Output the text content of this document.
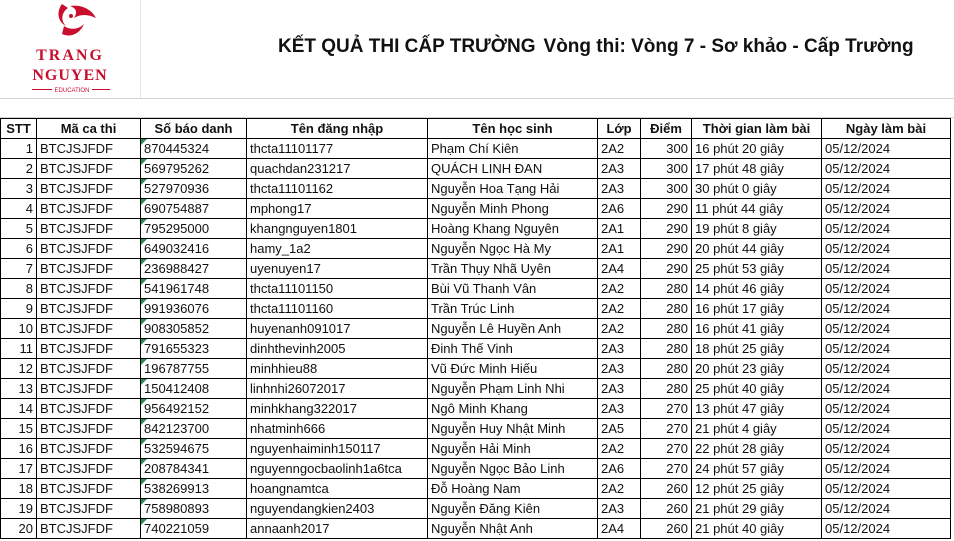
TRANG
NGUYEN
EDUCATION
KẾT QUẢ THI CẤP TRƯỜNG Vòng thi: Vòng 7 - Sơ khảo - Cấp Trường
STT	Mã ca thi	Số báo danh	Tên đăng nhập	Tên học sinh	Lớp	Điểm	Thời gian làm bài	Ngày làm bài
1	BTCJSJFDF	870445324	thcta11101177	Phạm Chí Kiên	2A2	300	16 phút 20 giây	05/12/2024
2	BTCJSJFDF	569795262	quachdan231217	QUÁCH LINH ĐAN	2A3	300	17 phút 48 giây	05/12/2024
3	BTCJSJFDF	527970936	thcta11101162	Nguyễn Hoa Tạng Hải	2A3	300	30 phút 0 giây	05/12/2024
4	BTCJSJFDF	690754887	mphong17	Nguyễn Minh Phong	2A6	290	11 phút 44 giây	05/12/2024
5	BTCJSJFDF	795295000	khangnguyen1801	Hoàng Khang Nguyên	2A1	290	19 phút 8 giây	05/12/2024
6	BTCJSJFDF	649032416	hamy_1a2	Nguyễn Ngọc Hà My	2A1	290	20 phút 44 giây	05/12/2024
7	BTCJSJFDF	236988427	uyenuyen17	Trần Thụy Nhã Uyên	2A4	290	25 phút 53 giây	05/12/2024
8	BTCJSJFDF	541961748	thcta11101150	Bùi Vũ Thanh Vân	2A2	280	14 phút 46 giây	05/12/2024
9	BTCJSJFDF	991936076	thcta11101160	Trần Trúc Linh	2A2	280	16 phút 17 giây	05/12/2024
10	BTCJSJFDF	908305852	huyenanh091017	Nguyễn Lê Huyền Anh	2A2	280	16 phút 41 giây	05/12/2024
11	BTCJSJFDF	791655323	dinhthevinh2005	Đinh Thế Vinh	2A3	280	18 phút 25 giây	05/12/2024
12	BTCJSJFDF	196787755	minhhieu88	Vũ Đức Minh Hiếu	2A3	280	20 phút 23 giây	05/12/2024
13	BTCJSJFDF	150412408	linhnhi26072017	Nguyễn Phạm Linh Nhi	2A3	280	25 phút 40 giây	05/12/2024
14	BTCJSJFDF	956492152	minhkhang322017	Ngô Minh Khang	2A3	270	13 phút 47 giây	05/12/2024
15	BTCJSJFDF	842123700	nhatminh666	Nguyễn Huy Nhật Minh	2A5	270	21 phút 4 giây	05/12/2024
16	BTCJSJFDF	532594675	nguyenhaiminh150117	Nguyễn Hải Minh	2A2	270	22 phút 28 giây	05/12/2024
17	BTCJSJFDF	208784341	nguyenngocbaolinh1a6tca	Nguyễn Ngọc Bảo Linh	2A6	270	24 phút 57 giây	05/12/2024
18	BTCJSJFDF	538269913	hoangnamtca	Đỗ Hoàng Nam	2A2	260	12 phút 25 giây	05/12/2024
19	BTCJSJFDF	758980893	nguyendangkien2403	Nguyễn Đăng Kiên	2A3	260	21 phút 29 giây	05/12/2024
20	BTCJSJFDF	740221059	annaanh2017	Nguyễn Nhật Anh	2A4	260	21 phút 40 giây	05/12/2024
